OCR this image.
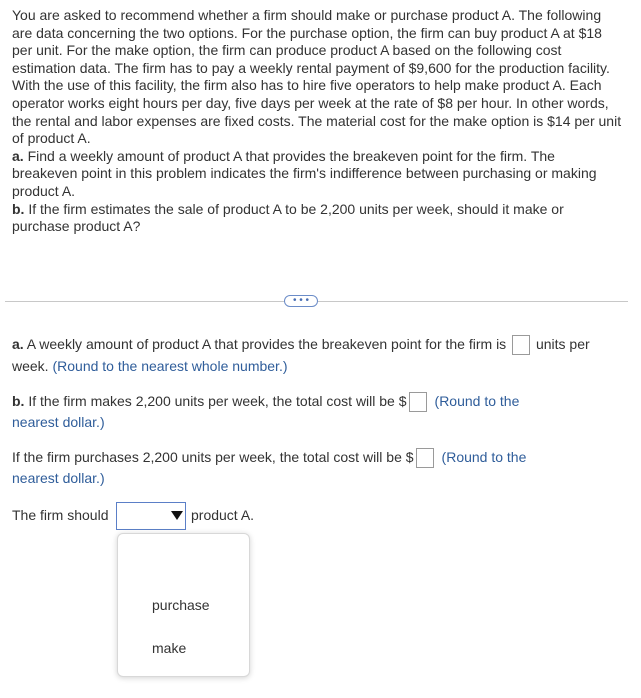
You are asked to recommend whether a firm should make or purchase product A. The following are data concerning the two options. For the purchase option, the firm can buy product A at $18 per unit. For the make option, the firm can produce product A based on the following cost estimation data. The firm has to pay a weekly rental payment of $9,600 for the production facility. With the use of this facility, the firm also has to hire five operators to help make product A. Each operator works eight hours per day, five days per week at the rate of $8 per hour. In other words, the rental and labor expenses are fixed costs. The material cost for the make option is $14 per unit of product A.
a. Find a weekly amount of product A that provides the breakeven point for the firm. The breakeven point in this problem indicates the firm's indifference between purchasing or making product A.
b. If the firm estimates the sale of product A to be 2,200 units per week, should it make or purchase product A?
• • •
a. A weekly amount of product A that provides the breakeven point for the firm is units per
week. (Round to the nearest whole number.)
b. If the firm makes 2,200 units per week, the total cost will be $ (Round to the
nearest dollar.)
If the firm purchases 2,200 units per week, the total cost will be $ (Round to the
nearest dollar.)
The firm should	product A.
purchase
make
